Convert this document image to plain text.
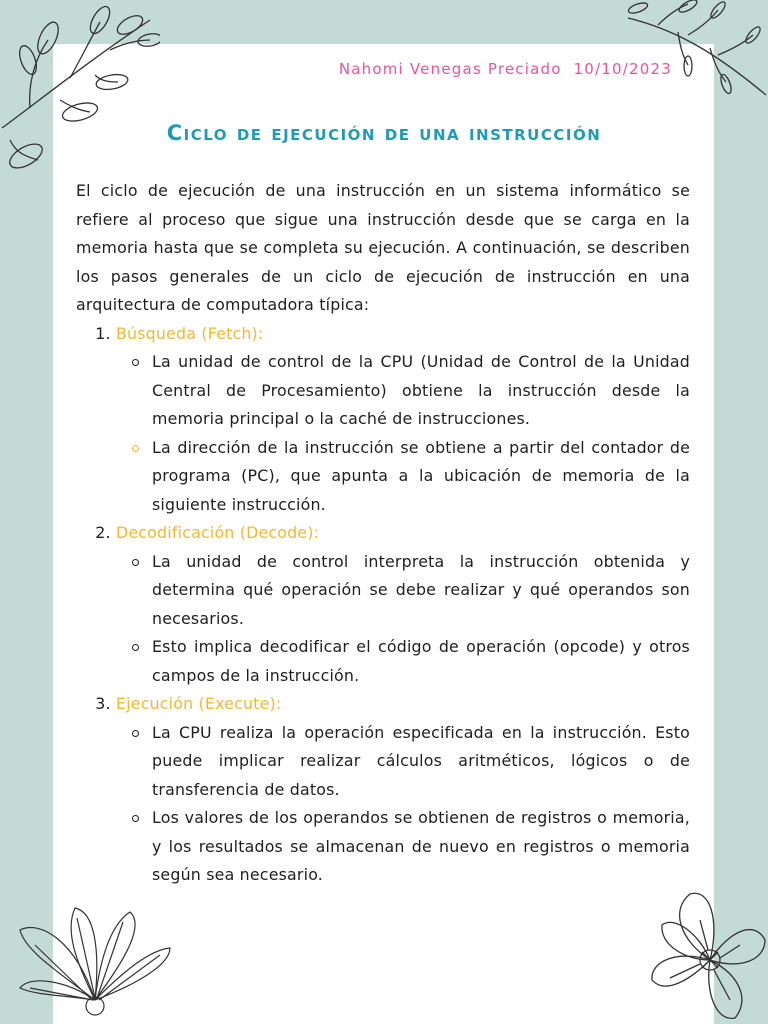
Nahomi Venegas Preciado  10/10/2023
Ciclo de ejecución de una instrucción

El ciclo de ejecución de una instrucción en un sistema informático se refiere al proceso que sigue una instrucción desde que se carga en la memoria hasta que se completa su ejecución. A continuación, se describen los pasos generales de un ciclo de ejecución de instrucción en una arquitectura de computadora típica:

1. Búsqueda (Fetch):
La unidad de control de la CPU (Unidad de Control de la Unidad Central de Procesamiento) obtiene la instrucción desde la memoria principal o la caché de instrucciones.
La dirección de la instrucción se obtiene a partir del contador de programa (PC), que apunta a la ubicación de memoria de la siguiente instrucción.
2. Decodificación (Decode):
La unidad de control interpreta la instrucción obtenida y determina qué operación se debe realizar y qué operandos son necesarios.
Esto implica decodificar el código de operación (opcode) y otros campos de la instrucción.
3. Ejecución (Execute):
La CPU realiza la operación especificada en la instrucción. Esto puede implicar realizar cálculos aritméticos, lógicos o de transferencia de datos.
Los valores de los operandos se obtienen de registros o memoria, y los resultados se almacenan de nuevo en registros o memoria según sea necesario.
